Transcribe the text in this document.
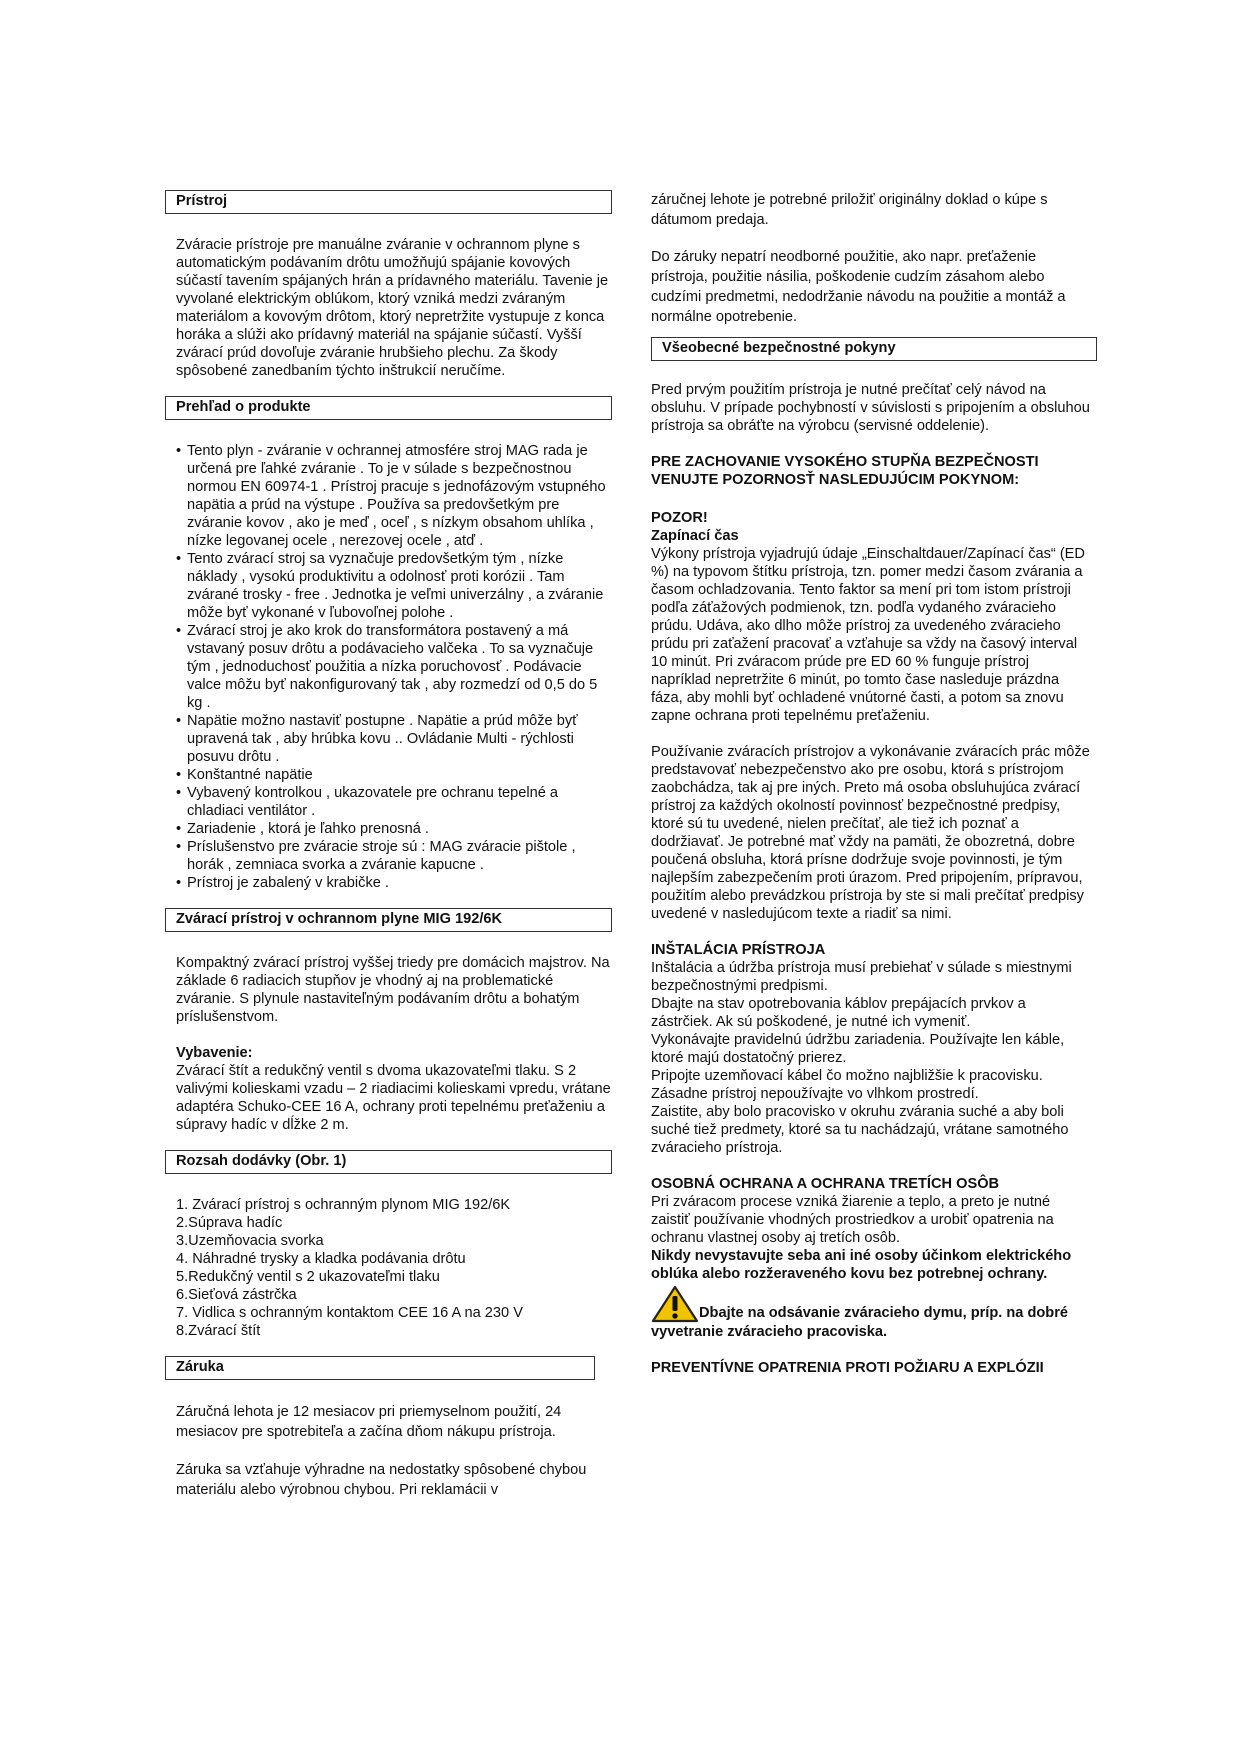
Prístroj

Zváracie prístroje pre manuálne zváranie v ochrannom plyne s automatickým podávaním drôtu umožňujú spájanie kovových súčastí tavením spájaných hrán a prídavného materiálu. Tavenie je vyvolané elektrickým oblúkom, ktorý vzniká medzi zváraným materiálom a kovovým drôtom, ktorý nepretržite vystupuje z konca horáka a slúži ako prídavný materiál na spájanie súčastí. Vyšší zvárací prúd dovoľuje zváranie hrubšieho plechu. Za škody spôsobené zanedbaním týchto inštrukcií neručíme.

Prehľad o produkte
• Tento plyn - zváranie v ochrannej atmosfére stroj MAG rada je určená pre ľahké zváranie . To je v súlade s bezpečnostnou normou EN 60974-1 . Prístroj pracuje s jednofázovým vstupného napätia a prúd na výstupe . Používa sa predovšetkým pre zváranie kovov , ako je meď , oceľ , s nízkym obsahom uhlíka , nízke legovanej ocele , nerezovej ocele , atď .
• Tento zvárací stroj sa vyznačuje predovšetkým tým , nízke náklady , vysokú produktivitu a odolnosť proti korózii . Tam zvárané trosky - free . Jednotka je veľmi univerzálny , a zváranie môže byť vykonané v ľubovoľnej polohe .
• Zvárací stroj je ako krok do transformátora postavený a má vstavaný posuv drôtu a podávacieho valčeka . To sa vyznačuje tým , jednoduchosť použitia a nízka poruchovosť . Podávacie valce môžu byť nakonfigurovaný tak , aby rozmedzí od 0,5 do 5 kg .
• Napätie možno nastaviť postupne . Napätie a prúd môže byť upravená tak , aby hrúbka kovu .. Ovládanie Multi - rýchlosti posuvu drôtu .
• Konštantné napätie
• Vybavený kontrolkou , ukazovatele pre ochranu tepelné a chladiaci ventilátor .
• Zariadenie , ktorá je ľahko prenosná .
• Príslušenstvo pre zváracie stroje sú : MAG zváracie pištole , horák , zemniaca svorka a zváranie kapucne .
• Prístroj je zabalený v krabičke .
Zvárací prístroj v ochrannom plyne MIG 192/6K

Kompaktný zvárací prístroj vyššej triedy pre domácich majstrov. Na základe 6 radiacich stupňov je vhodný aj na problematické zváranie. S plynule nastaviteľným podávaním drôtu a bohatým príslušenstvom.

Vybavenie:

Zvárací štít a redukčný ventil s dvoma ukazovateľmi tlaku. S 2 valivými kolieskami vzadu – 2 riadiacimi kolieskami vpredu, vrátane adaptéra Schuko-CEE 16 A, ochrany proti tepelnému preťaženiu a súpravy hadíc v dĺžke 2 m.

Rozsah dodávky (Obr. 1)
1. Zvárací prístroj s ochranným plynom MIG 192/6K
2.Súprava hadíc
3.Uzemňovacia svorka
4. Náhradné trysky a kladka podávania drôtu
5.Redukčný ventil s 2 ukazovateľmi tlaku
6.Sieťová zástrčka
7. Vidlica s ochranným kontaktom CEE 16 A na 230 V
8.Zvárací štít
Záruka

Záručná lehota je 12 mesiacov pri priemyselnom použití, 24 mesiacov pre spotrebiteľa a začína dňom nákupu prístroja.

Záruka sa vzťahuje výhradne na nedostatky spôsobené chybou materiálu alebo výrobnou chybou. Pri reklamácii v

záručnej lehote je potrebné priložiť originálny doklad o kúpe s dátumom predaja.

Do záruky nepatrí neodborné použitie, ako napr. preťaženie prístroja, použitie násilia, poškodenie cudzím zásahom alebo cudzími predmetmi, nedodržanie návodu na použitie a montáž a normálne opotrebenie.

Všeobecné bezpečnostné pokyny

Pred prvým použitím prístroja je nutné prečítať celý návod na obsluhu. V prípade pochybností v súvislosti s pripojením a obsluhou prístroja sa obráťte na výrobcu (servisné oddelenie).

PRE ZACHOVANIE VYSOKÉHO STUPŇA BEZPEČNOSTI VENUJTE POZORNOSŤ NASLEDUJÚCIM POKYNOM:

POZOR!

Zapínací čas

Výkony prístroja vyjadrujú údaje „Einschaltdauer/Zapínací čas“ (ED %) na typovom štítku prístroja, tzn. pomer medzi časom zvárania a časom ochladzovania. Tento faktor sa mení pri tom istom prístroji podľa záťažových podmienok, tzn. podľa vydaného zváracieho prúdu. Udáva, ako dlho môže prístroj za uvedeného zváracieho prúdu pri zaťažení pracovať a vzťahuje sa vždy na časový interval 10 minút. Pri zváracom prúde pre ED 60 % funguje prístroj napríklad nepretržite 6 minút, po tomto čase nasleduje prázdna fáza, aby mohli byť ochladené vnútorné časti, a potom sa znovu zapne ochrana proti tepelnému preťaženiu.

Používanie zváracích prístrojov a vykonávanie zváracích prác môže predstavovať nebezpečenstvo ako pre osobu, ktorá s prístrojom zaobchádza, tak aj pre iných. Preto má osoba obsluhujúca zvárací prístroj za každých okolností povinnosť bezpečnostné predpisy, ktoré sú tu uvedené, nielen prečítať, ale tiež ich poznať a dodržiavať. Je potrebné mať vždy na pamäti, že obozretná, dobre poučená obsluha, ktorá prísne dodržuje svoje povinnosti, je tým najlepším zabezpečením proti úrazom. Pred pripojením, prípravou, použitím alebo prevádzkou prístroja by ste si mali prečítať predpisy uvedené v nasledujúcom texte a riadiť sa nimi.

INŠTALÁCIA PRÍSTROJA

Inštalácia a údržba prístroja musí prebiehať v súlade s miestnymi bezpečnostnými predpismi.

Dbajte na stav opotrebovania káblov prepájacích prvkov a zástrčiek. Ak sú poškodené, je nutné ich vymeniť.

Vykonávajte pravidelnú údržbu zariadenia. Používajte len káble, ktoré majú dostatočný prierez.

Pripojte uzemňovací kábel čo možno najbližšie k pracovisku.

Zásadne prístroj nepoužívajte vo vlhkom prostredí.

Zaistite, aby bolo pracovisko v okruhu zvárania suché a aby boli suché tiež predmety, ktoré sa tu nachádzajú, vrátane samotného zváracieho prístroja.

OSOBNÁ OCHRANA A OCHRANA TRETÍCH OSÔB

Pri zváracom procese vzniká žiarenie a teplo, a preto je nutné zaistiť používanie vhodných prostriedkov a urobiť opatrenia na ochranu vlastnej osoby aj tretích osôb.

Nikdy nevystavujte seba ani iné osoby účinkom elektrického oblúka alebo rozžeraveného kovu bez potrebnej ochrany.

Dbajte na odsávanie zváracieho dymu, príp. na dobré vyvetranie zváracieho pracoviska.

PREVENTÍVNE OPATRENIA PROTI POŽIARU A EXPLÓZII
